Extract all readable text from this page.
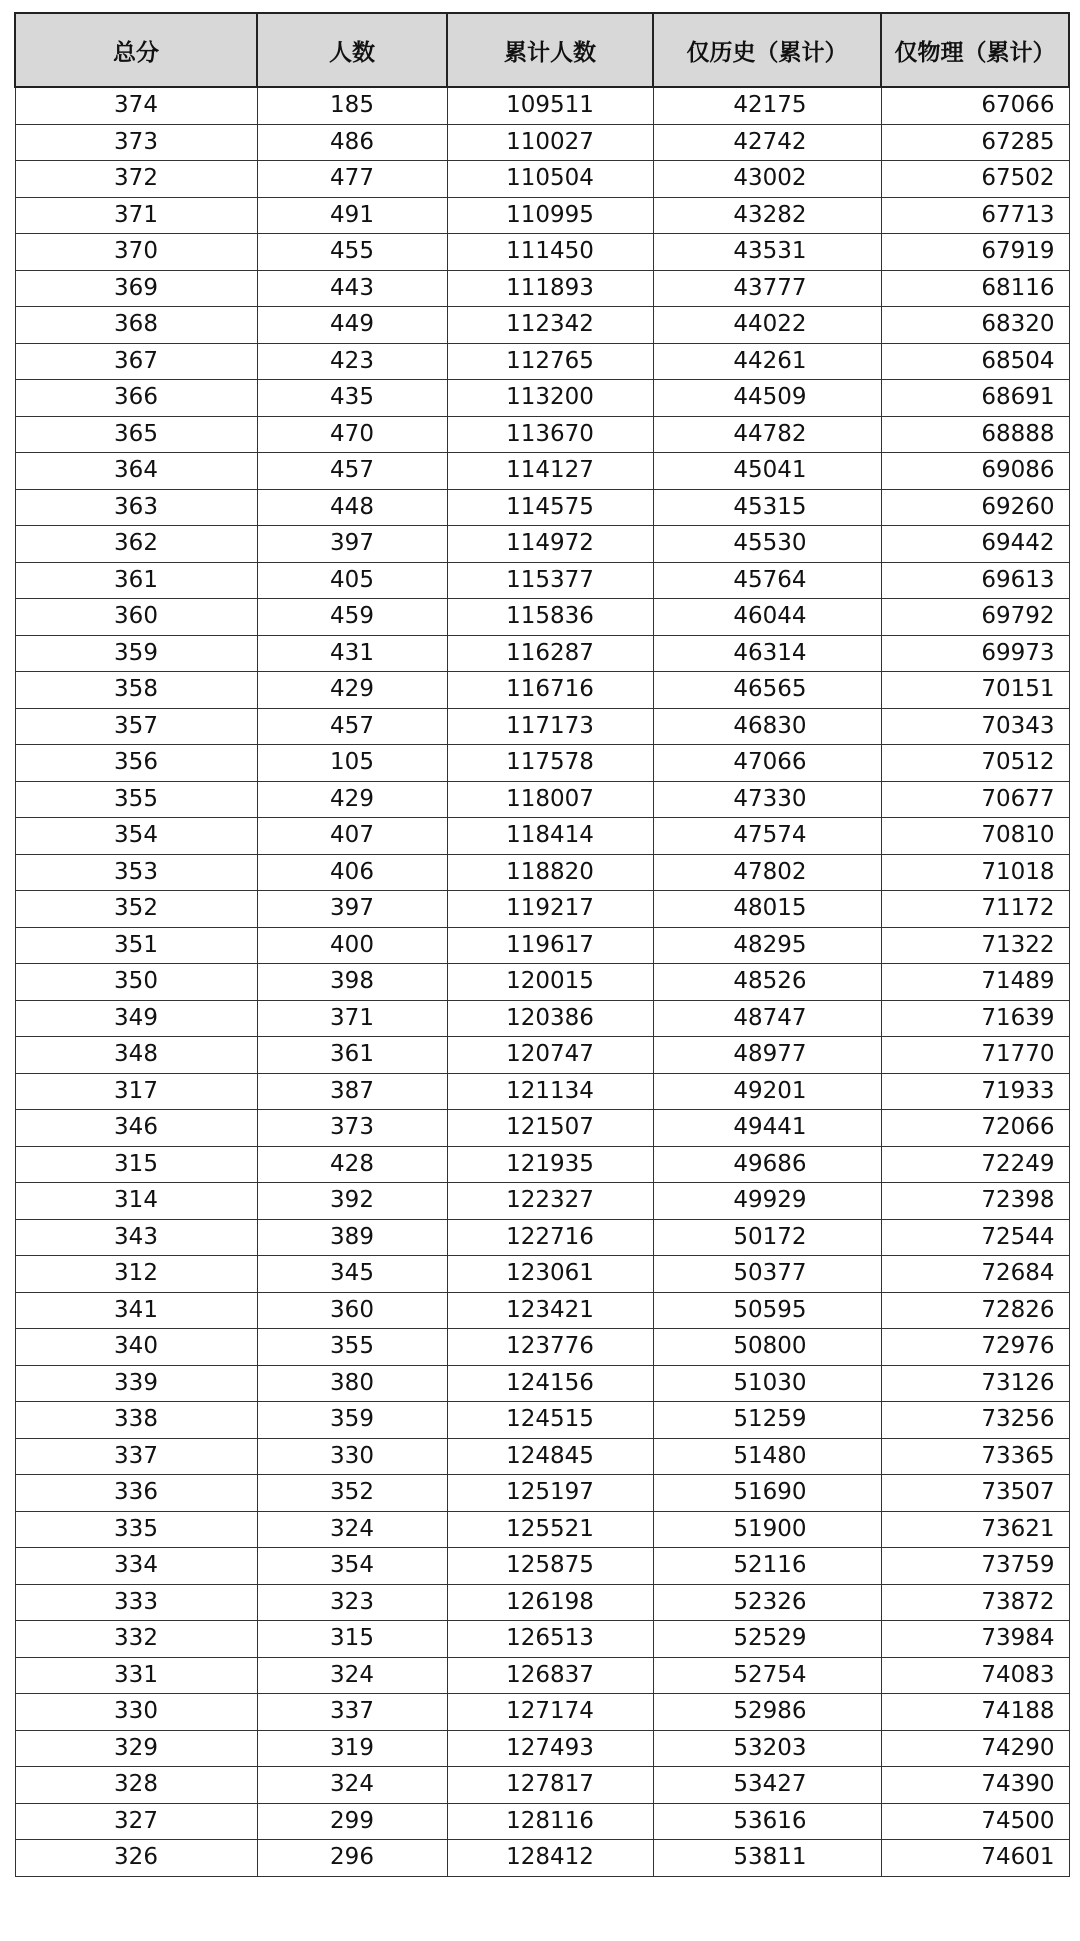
总分	人数	累计人数	仅历史（累计）	仅物理（累计）
374	185	109511	42175	67066
373	486	110027	42742	67285
372	477	110504	43002	67502
371	491	110995	43282	67713
370	455	111450	43531	67919
369	443	111893	43777	68116
368	449	112342	44022	68320
367	423	112765	44261	68504
366	435	113200	44509	68691
365	470	113670	44782	68888
364	457	114127	45041	69086
363	448	114575	45315	69260
362	397	114972	45530	69442
361	405	115377	45764	69613
360	459	115836	46044	69792
359	431	116287	46314	69973
358	429	116716	46565	70151
357	457	117173	46830	70343
356	105	117578	47066	70512
355	429	118007	47330	70677
354	407	118414	47574	70810
353	406	118820	47802	71018
352	397	119217	48015	71172
351	400	119617	48295	71322
350	398	120015	48526	71489
349	371	120386	48747	71639
348	361	120747	48977	71770
317	387	121134	49201	71933
346	373	121507	49441	72066
315	428	121935	49686	72249
314	392	122327	49929	72398
343	389	122716	50172	72544
312	345	123061	50377	72684
341	360	123421	50595	72826
340	355	123776	50800	72976
339	380	124156	51030	73126
338	359	124515	51259	73256
337	330	124845	51480	73365
336	352	125197	51690	73507
335	324	125521	51900	73621
334	354	125875	52116	73759
333	323	126198	52326	73872
332	315	126513	52529	73984
331	324	126837	52754	74083
330	337	127174	52986	74188
329	319	127493	53203	74290
328	324	127817	53427	74390
327	299	128116	53616	74500
326	296	128412	53811	74601
